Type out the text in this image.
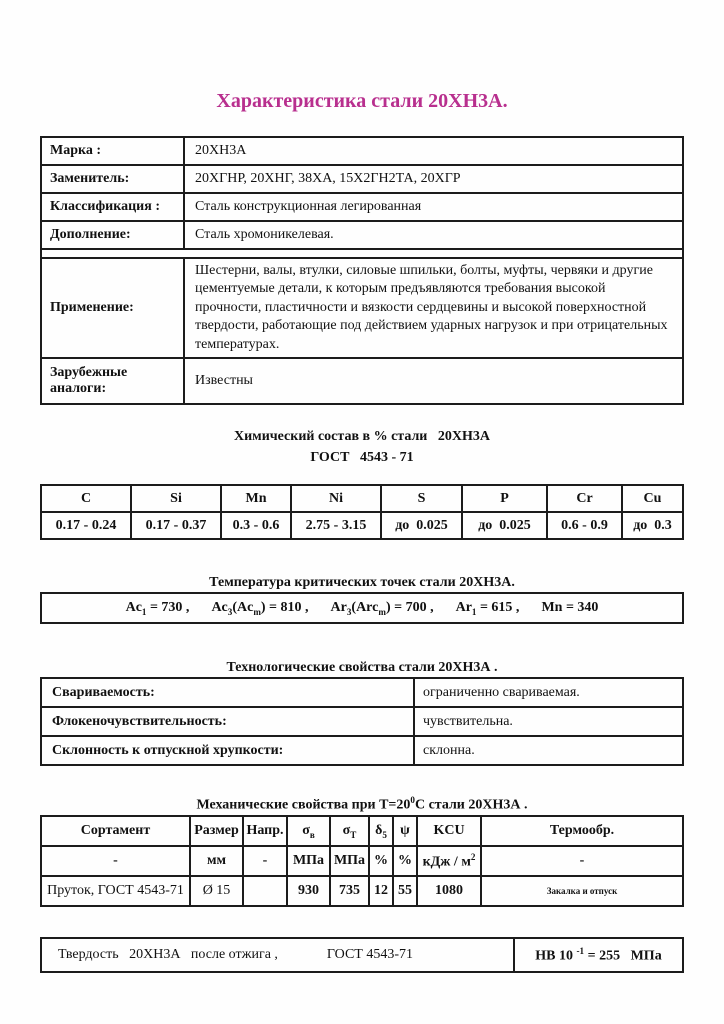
Характеристика стали 20ХН3А.
Марка :	20ХН3А
Заменитель:	20ХГНР, 20ХНГ, 38ХА, 15Х2ГН2ТА, 20ХГР
Классификация :	Сталь конструкционная легированная
Дополнение:	Сталь хромоникелевая.

Применение:	Шестерни, валы, втулки, силовые шпильки, болты, муфты, червяки и другие цементуемые детали, к которым предъявляются требования высокой прочности, пластичности и вязкости сердцевины и высокой поверхностной твердости, работающие под действием ударных нагрузок и при отрицательных температурах.
Зарубежные аналоги:	Известны
Химический состав в % стали   20ХН3А
ГОСТ   4543 - 71
C	Si	Mn	Ni	S	P	Cr	Cu
0.17 - 0.24	0.17 - 0.37	0.3 - 0.6	2.75 - 3.15	до  0.025	до  0.025	0.6 - 0.9	до  0.3
Температура критических точек стали 20ХН3А.
$Ac_1 = 730$ , $Ac_3(Ac_m) = 810$ , $Ar_3(Arc_m) = 700$ , $Ar_1 = 615$ , Mn = 340
Технологические свойства стали 20ХН3А .
Свариваемость:	ограниченно свариваемая.
Флокеночувствительность:	чувствительна.
Склонность к отпускной хрупкости:	склонна.
Механические свойства при $Т=20^0С$ стали 20ХН3А .
Сортамент	Размер	Напр.	$\sigma_в$	$\sigma_Т$	$\delta_5$	ψ	KCU	Термообр.
-	мм	-	МПа	МПа	%	%	кДж / $м^2$	-
Пруток, ГОСТ 4543-71	Ø 15		930	735	12	55	1080	Закалка и отпуск
Твердость   20ХН3А   после отжига ,              ГОСТ 4543-71	НВ 10 $^{-1}$ = 255   МПа
